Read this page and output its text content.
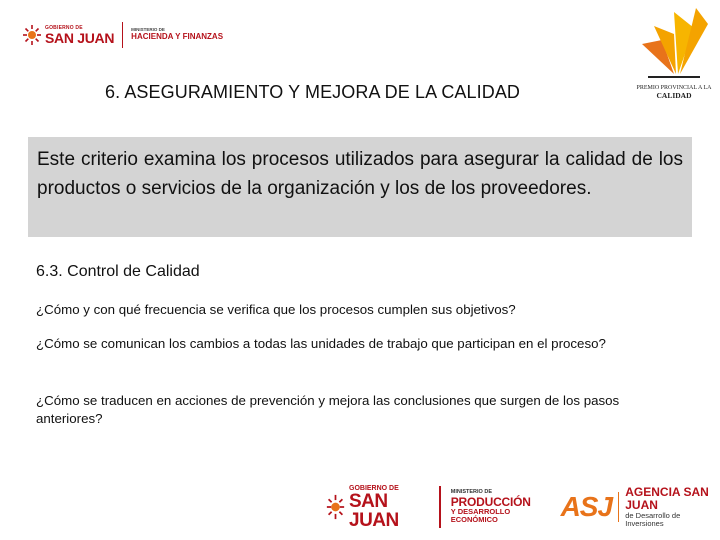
GOBIERNO DE
SAN JUAN	MINISTERIO DE
HACIENDA Y FINANZAS
PREMIO PROVINCIAL A LA
CALIDAD
6. ASEGURAMIENTO Y MEJORA DE LA CALIDAD
Este criterio examina los procesos utilizados para asegurar la calidad de los productos o servicios de la organización y los de los proveedores.
6.3. Control de Calidad
¿Cómo y con qué frecuencia se verifica que los procesos cumplen sus objetivos?
¿Cómo se comunican los cambios a todas las unidades de trabajo que participan en el proceso?
¿Cómo se traducen en acciones de prevención y mejora las conclusiones que surgen de los pasos anteriores?
GOBIERNO DE
SAN JUAN
MINISTERIO DE
PRODUCCIÓN
Y DESARROLLO ECONÓMICO	ASJ AGENCIA SAN JUAN
de Desarrollo de Inversiones
